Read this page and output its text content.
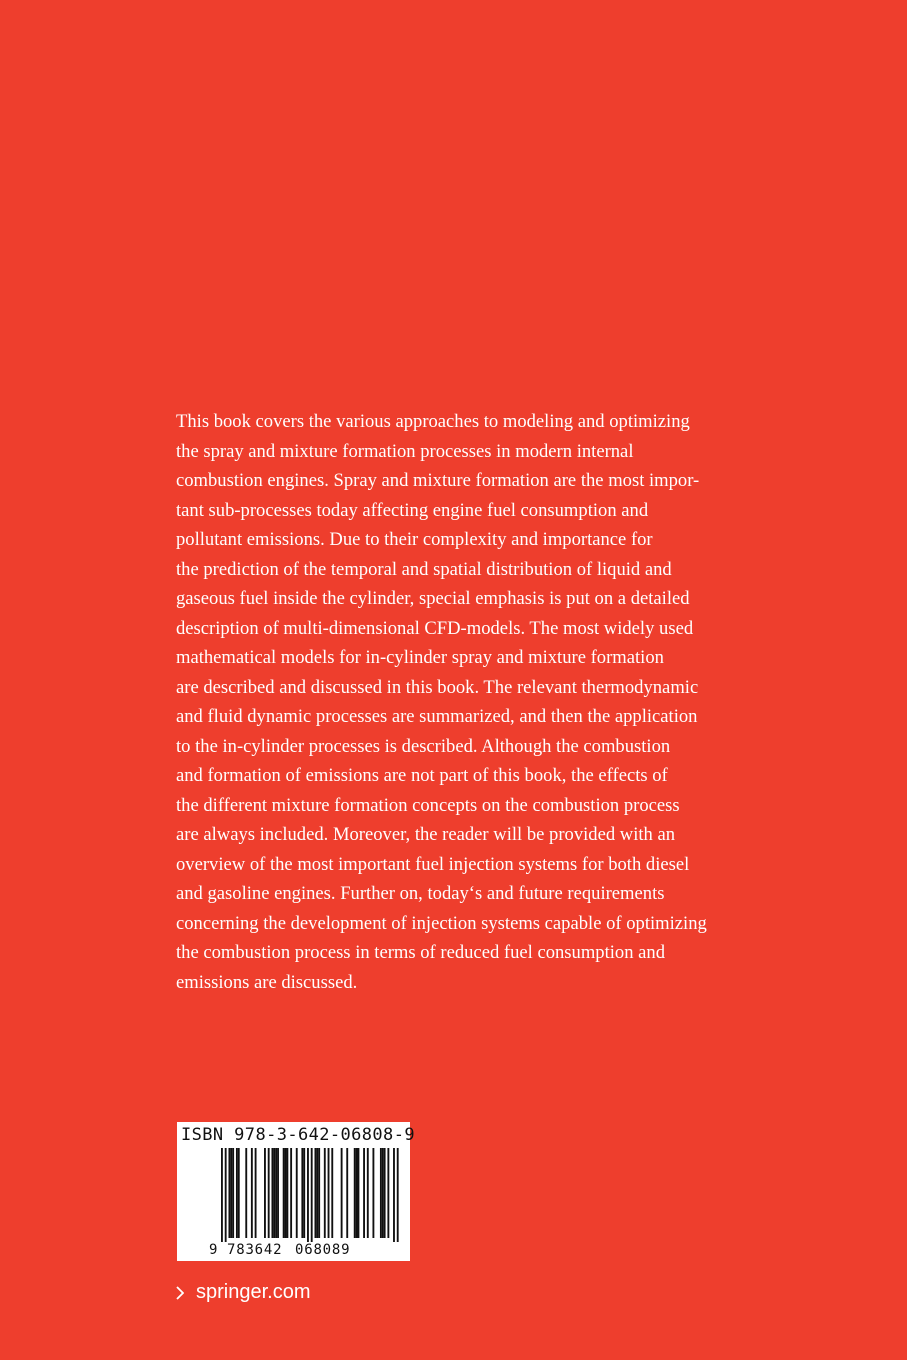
This book covers the various approaches to modeling and optimizing
the spray and mixture formation processes in modern internal
combustion engines. Spray and mixture formation are the most impor-
tant sub-processes today affecting engine fuel consumption and
pollutant emissions. Due to their complexity and importance for
the prediction of the temporal and spatial distribution of liquid and
gaseous fuel inside the cylinder, special emphasis is put on a detailed
description of multi-dimensional CFD-models. The most widely used
mathematical models for in-cylinder spray and mixture formation
are described and discussed in this book. The relevant thermodynamic
and fluid dynamic processes are summarized, and then the application
to the in-cylinder processes is described. Although the combustion
and formation of emissions are not part of this book, the effects of
the different mixture formation concepts on the combustion process
are always included. Moreover, the reader will be provided with an
overview of the most important fuel injection systems for both diesel
and gasoline engines. Further on, today‘s and future requirements
concerning the development of injection systems capable of optimizing
the combustion process in terms of reduced fuel consumption and
emissions are discussed.

ISBN 978-3-642-06808-9
9 783642 068089
springer.com
